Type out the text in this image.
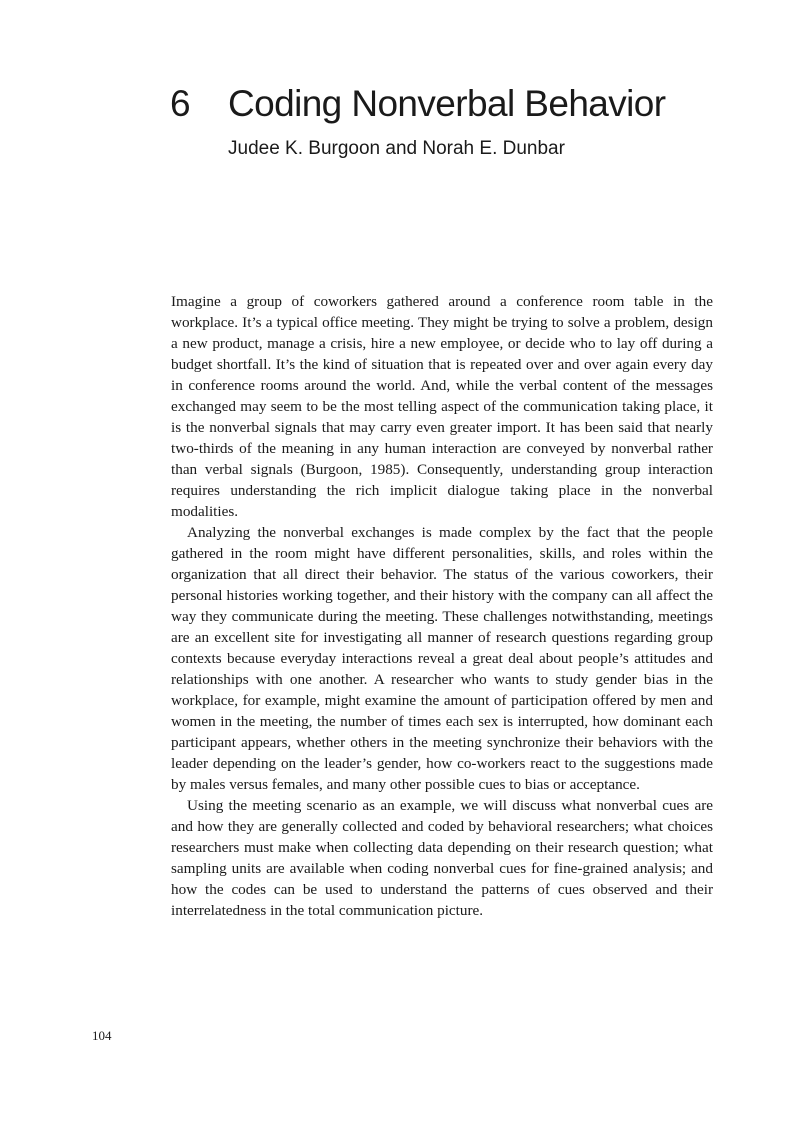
6 Coding Nonverbal Behavior
Judee K. Burgoon and Norah E. Dunbar

Imagine a group of coworkers gathered around a conference room table in the workplace. It’s a typical office meeting. They might be trying to solve a problem, design a new product, manage a crisis, hire a new employee, or decide who to lay off during a budget shortfall. It’s the kind of situation that is repeated over and over again every day in conference rooms around the world. And, while the verbal content of the messages exchanged may seem to be the most telling aspect of the communication taking place, it is the nonverbal signals that may carry even greater import. It has been said that nearly two-thirds of the meaning in any human interaction are conveyed by nonverbal rather than verbal signals (Burgoon, 1985). Consequently, understanding group interaction requires understanding the rich implicit dialogue taking place in the nonverbal modalities.

Analyzing the nonverbal exchanges is made complex by the fact that the people gathered in the room might have different personalities, skills, and roles within the organization that all direct their behavior. The status of the various coworkers, their personal histories working together, and their history with the company can all affect the way they communicate during the meeting. These challenges notwithstanding, meetings are an excellent site for investigating all manner of research questions regarding group contexts because everyday interactions reveal a great deal about people’s attitudes and relationships with one another. A researcher who wants to study gender bias in the workplace, for example, might examine the amount of participation offered by men and women in the meeting, the number of times each sex is interrupted, how dominant each participant appears, whether others in the meeting synchronize their behaviors with the leader depending on the leader’s gender, how co-workers react to the suggestions made by males versus females, and many other possible cues to bias or acceptance.

Using the meeting scenario as an example, we will discuss what nonverbal cues are and how they are generally collected and coded by behavioral researchers; what choices researchers must make when collecting data depending on their research question; what sampling units are available when coding nonverbal cues for fine-grained analysis; and how the codes can be used to understand the patterns of cues observed and their interrelatedness in the total communication picture.

104
